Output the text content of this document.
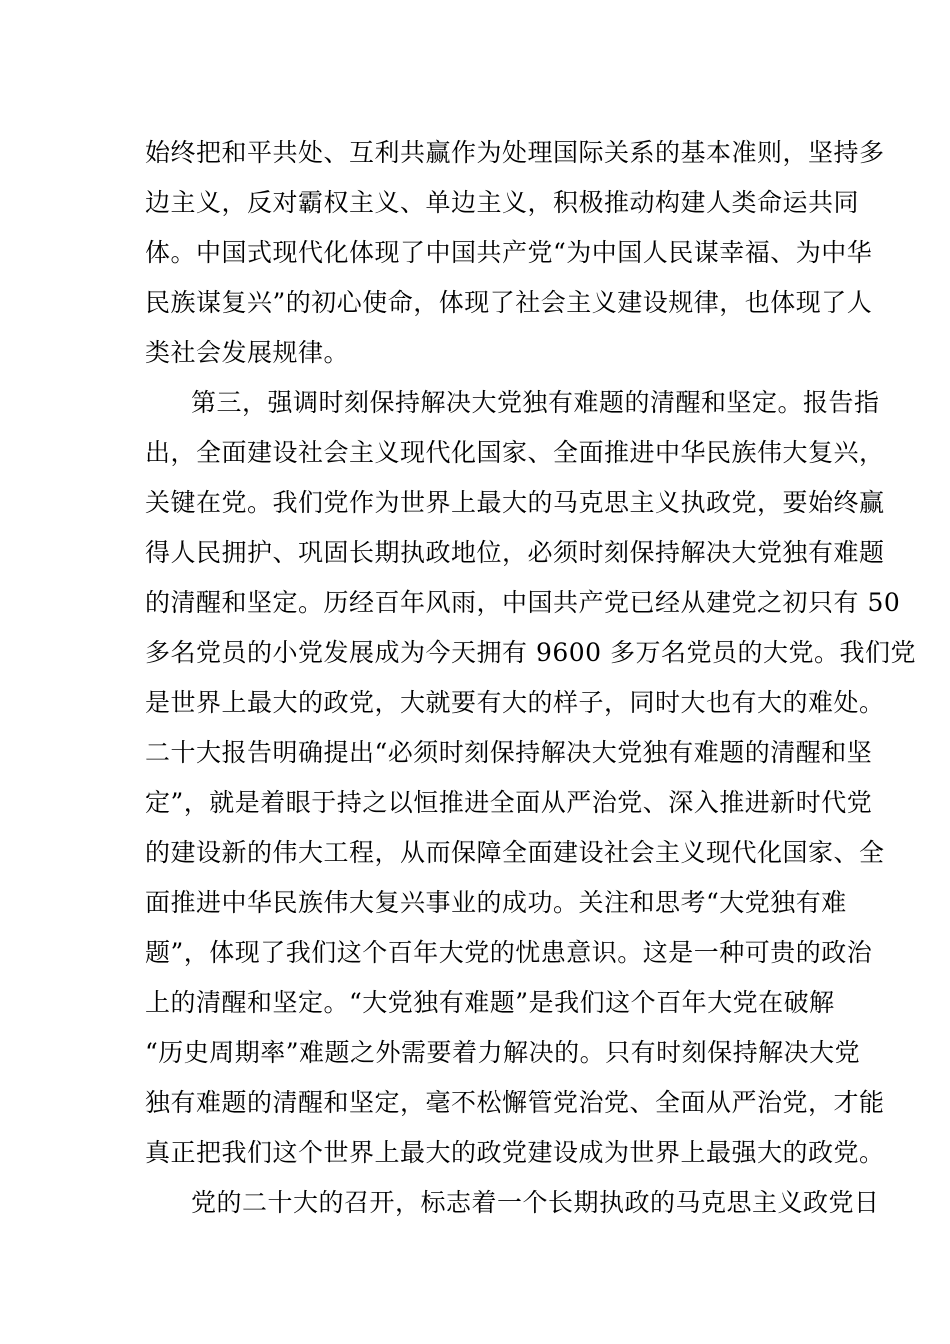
始终把和平共处、互利共赢作为处理国际关系的基本准则，坚持多
边主义，反对霸权主义、单边主义，积极推动构建人类命运共同
体。中国式现代化体现了中国共产党“为中国人民谋幸福、为中华
民族谋复兴”的初心使命，体现了社会主义建设规律，也体现了人
类社会发展规律。
第三，强调时刻保持解决大党独有难题的清醒和坚定。报告指
出，全面建设社会主义现代化国家、全面推进中华民族伟大复兴，
关键在党。我们党作为世界上最大的马克思主义执政党，要始终赢
得人民拥护、巩固长期执政地位，必须时刻保持解决大党独有难题
的清醒和坚定。历经百年风雨，中国共产党已经从建党之初只有 50
多名党员的小党发展成为今天拥有 9600 多万名党员的大党。我们党
是世界上最大的政党，大就要有大的样子，同时大也有大的难处。
二十大报告明确提出“必须时刻保持解决大党独有难题的清醒和坚
定”，就是着眼于持之以恒推进全面从严治党、深入推进新时代党
的建设新的伟大工程，从而保障全面建设社会主义现代化国家、全
面推进中华民族伟大复兴事业的成功。关注和思考“大党独有难
题”，体现了我们这个百年大党的忧患意识。这是一种可贵的政治
上的清醒和坚定。“大党独有难题”是我们这个百年大党在破解
“历史周期率”难题之外需要着力解决的。只有时刻保持解决大党
独有难题的清醒和坚定，毫不松懈管党治党、全面从严治党，才能
真正把我们这个世界上最大的政党建设成为世界上最强大的政党。
党的二十大的召开，标志着一个长期执政的马克思主义政党日
